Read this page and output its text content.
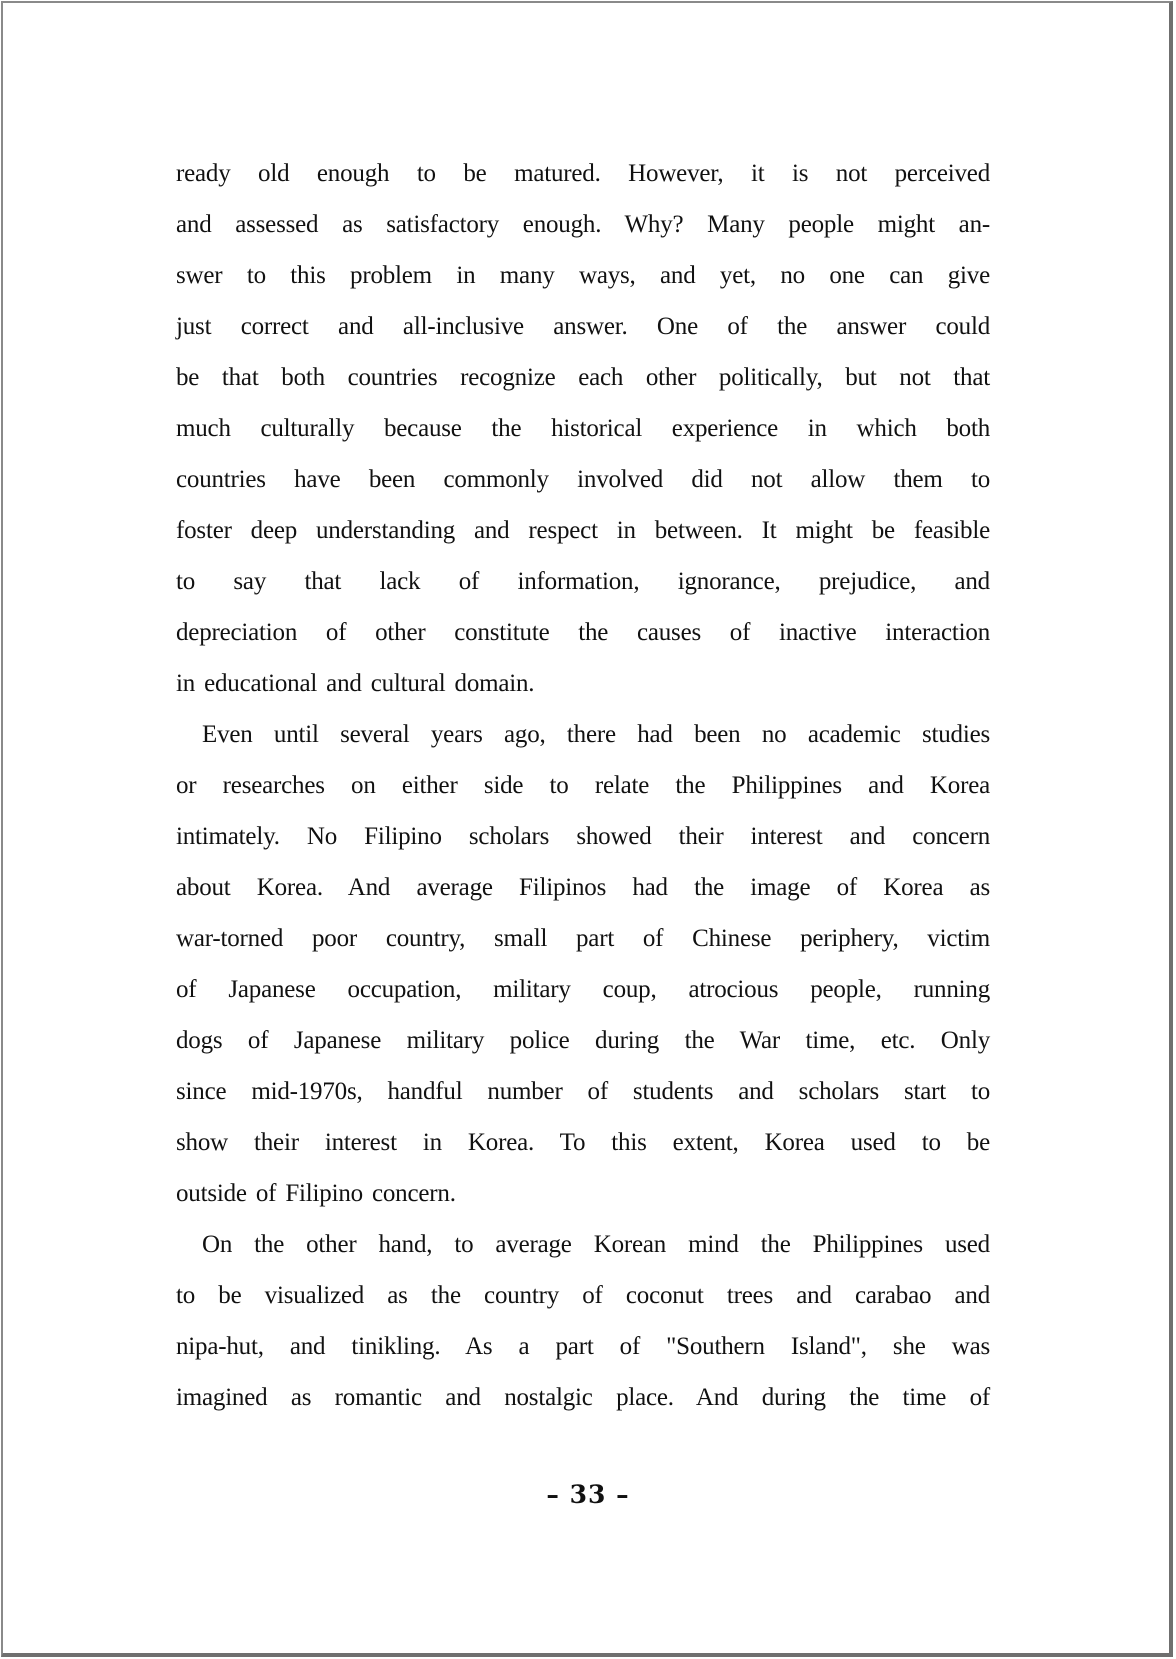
ready old enough to be matured. However, it is not perceived
and assessed as satisfactory enough. Why? Many people might an-
swer to this problem in many ways, and yet, no one can give
just correct and all-inclusive answer. One of the answer could
be that both countries recognize each other politically, but not that
much culturally because the historical experience in which both
countries have been commonly involved did not allow them to
foster deep understanding and respect in between. It might be feasible
to say that lack of information, ignorance, prejudice, and
depreciation of other constitute the causes of inactive interaction
in educational and cultural domain.
Even until several years ago, there had been no academic studies
or researches on either side to relate the Philippines and Korea
intimately. No Filipino scholars showed their interest and concern
about Korea. And average Filipinos had the image of Korea as
war-torned poor country, small part of Chinese periphery, victim
of Japanese occupation, military coup, atrocious people, running
dogs of Japanese military police during the War time, etc. Only
since mid-1970s, handful number of students and scholars start to
show their interest in Korea. To this extent, Korea used to be
outside of Filipino concern.
On the other hand, to average Korean mind the Philippines used
to be visualized as the country of coconut trees and carabao and
nipa-hut, and tinikling. As a part of "Southern Island", she was
imagined as romantic and nostalgic place. And during the time of
– 33 –
